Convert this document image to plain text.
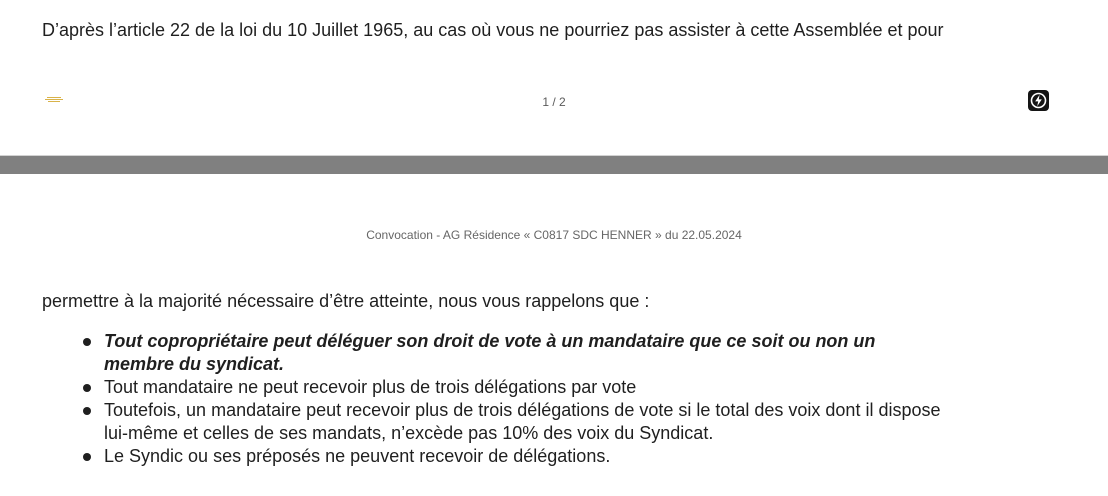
D’après l’article 22 de la loi du 10 Juillet 1965, au cas où vous ne pourriez pas assister à cette Assemblée et pour
1 / 2
Convocation - AG Résidence « C0817 SDC HENNER » du 22.05.2024
permettre à la majorité nécessaire d’être atteinte, nous vous rappelons que :
Tout copropriétaire peut déléguer son droit de vote à un mandataire que ce soit ou non un membre du syndicat.
Tout mandataire ne peut recevoir plus de trois délégations par vote
Toutefois, un mandataire peut recevoir plus de trois délégations de vote si le total des voix dont il dispose lui-même et celles de ses mandats, n’excède pas 10% des voix du Syndicat.
Le Syndic ou ses préposés ne peuvent recevoir de délégations.
